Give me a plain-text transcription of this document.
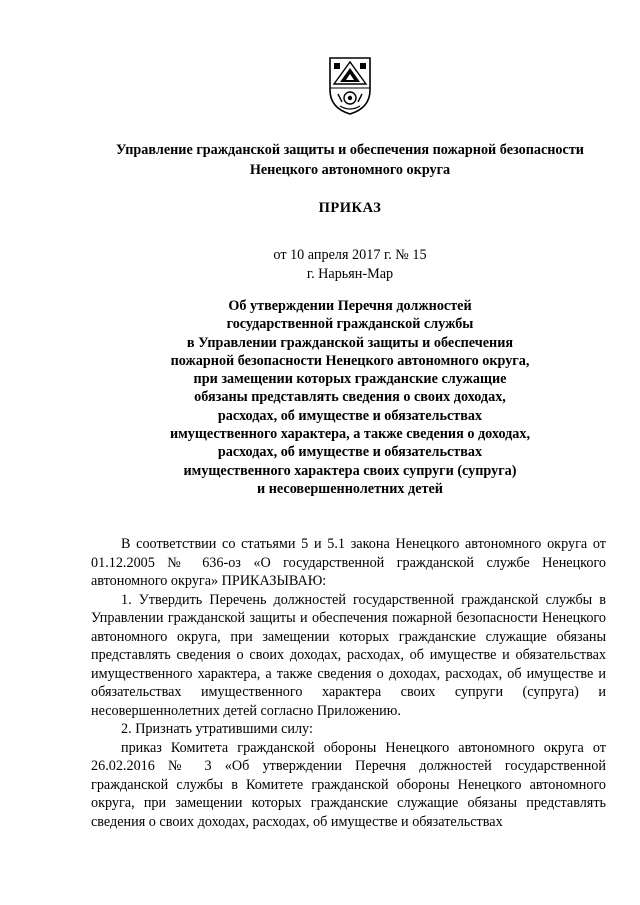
Управление гражданской защиты и обеспечения пожарной безопасности
Ненецкого автономного округа
ПРИКАЗ
от 10 апреля 2017 г. № 15
г. Нарьян-Мар
Об утверждении Перечня должностей
государственной гражданской службы
в Управлении гражданской защиты и обеспечения
пожарной безопасности Ненецкого автономного округа,
при замещении которых гражданские служащие
обязаны представлять сведения о своих доходах,
расходах, об имуществе и обязательствах
имущественного характера, а также сведения о доходах,
расходах, об имуществе и обязательствах
имущественного характера своих супруги (супруга)
и несовершеннолетних детей

В соответствии со статьями 5 и 5.1 закона Ненецкого автономного округа от 01.12.2005 № 636-оз «О государственной гражданской службе Ненецкого автономного округа» ПРИКАЗЫВАЮ:

1. Утвердить Перечень должностей государственной гражданской службы в Управлении гражданской защиты и обеспечения пожарной безопасности Ненецкого автономного округа, при замещении которых гражданские служащие обязаны представлять сведения о своих доходах, расходах, об имуществе и обязательствах имущественного характера, а также сведения о доходах, расходах, об имуществе и обязательствах имущественного характера своих супруги (супруга) и несовершеннолетних детей согласно Приложению.

2. Признать утратившими силу:

приказ Комитета гражданской обороны Ненецкого автономного округа от 26.02.2016 № 3 «Об утверждении Перечня должностей государственной гражданской службы в Комитете гражданской обороны Ненецкого автономного округа, при замещении которых гражданские служащие обязаны представлять сведения о своих доходах, расходах, об имуществе и обязательствах
